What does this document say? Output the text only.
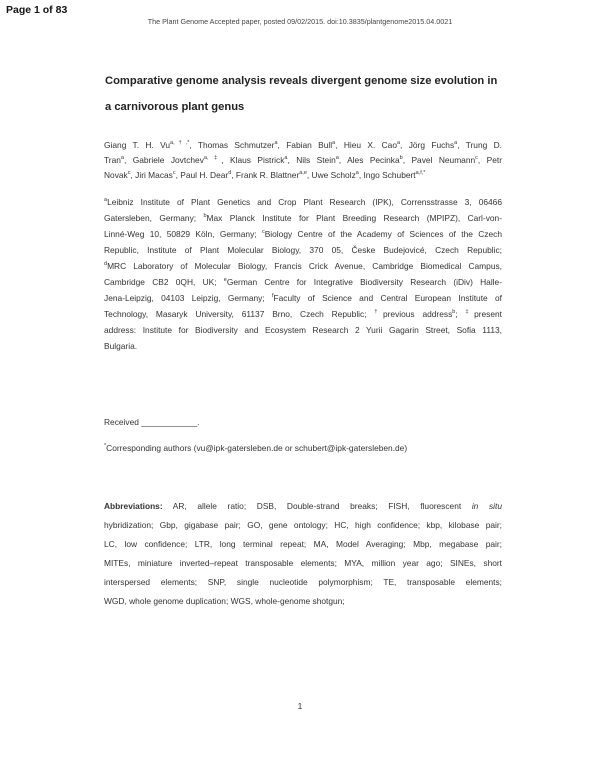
Page 1 of 83
The Plant Genome Accepted paper, posted 09/02/2015. doi:10.3835/plantgenome2015.04.0021
Comparative genome analysis reveals divergent genome size evolution in
a carnivorous plant genus
Giang T. H. $Vu^{a,\dagger,*}$, Thomas Schmutzer$^a$, Fabian Bull$^a$, Hieu X. Cao$^a$, Jörg Fuchs$^a$, Trung D.
Tran$^a$, Gabriele Jovtchev$^{a, \ddagger}$, Klaus Pistrick$^a$, Nils Stein$^a$, Ales Pecinka$^b$, Pavel Neumann$^c$, Petr
Novak$^c$, Jiri Macas$^c$, Paul H. Dear$^d$, Frank R. Blattner$^{a,e}$, Uwe Scholz$^a$, Ingo Schubert$^{a,f,*}$
$^a$Leibniz Institute of Plant Genetics and Crop Plant Research (IPK), Corrensstrasse 3, 06466
Gatersleben, Germany; $^b$Max Planck Institute for Plant Breeding Research (MPIPZ), Carl-von-
Linné-Weg 10, 50829 Köln, Germany; $^c$Biology Centre of the Academy of Sciences of the Czech
Republic, Institute of Plant Molecular Biology, 370 05, Česke Budejovicé, Czech Republic;
$^d$MRC Laboratory of Molecular Biology, Francis Crick Avenue, Cambridge Biomedical Campus,
Cambridge CB2 0QH, UK; $^e$German Centre for Integrative Biodiversity Research (iDiv) Halle-
Jena-Leipzig, 04103 Leipzig, Germany; $^f$Faculty of Science and Central European Institute of
Technology, Masaryk University, 61137 Brno, Czech Republic; †previous address$^b$; ‡present
address: Institute for Biodiversity and Ecosystem Research 2 Yurii Gagarin Street, Sofia 1113,
Bulgaria.
Received ____________.
*Corresponding authors (vu@ipk-gatersleben.de or schubert@ipk-gatersleben.de)
Abbreviations: AR, allele ratio; DSB, Double-strand breaks; FISH, fluorescent in situ
hybridization; Gbp, gigabase pair; GO, gene ontology; HC, high confidence; kbp, kilobase pair;
LC, low confidence; LTR, long terminal repeat; MA, Model Averaging; Mbp, megabase pair;
MITEs, miniature inverted–repeat transposable elements; MYA, million year ago; SINEs, short
interspersed elements; SNP, single nucleotide polymorphism; TE, transposable elements;
WGD, whole genome duplication; WGS, whole-genome shotgun;
1
